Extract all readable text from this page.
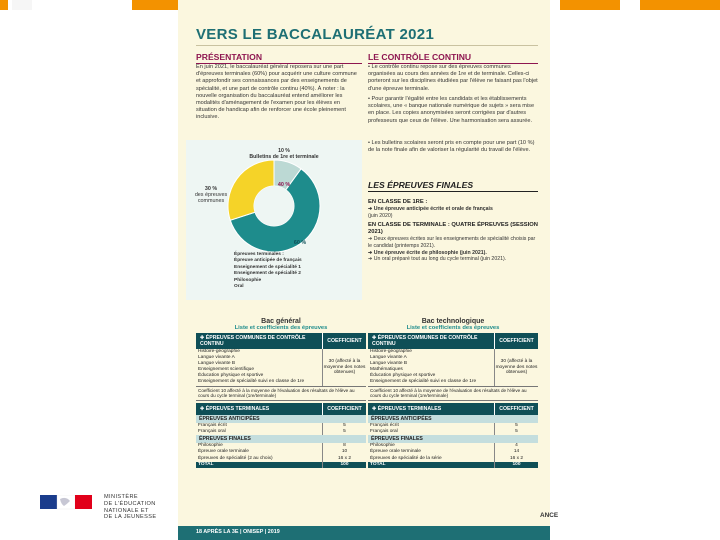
VERS LE BACCALAURÉAT 2021
PRÉSENTATION
En juin 2021, le baccalauréat général reposera sur une part d'épreuves terminales (60%) pour acquérir une culture commune et approfondir ses connaissances par des enseignements de spécialité, et une part de contrôle continu (40%). À noter : la nouvelle organisation du baccalauréat entend améliorer les modalités d'aménagement de l'examen pour les élèves en situation de handicap afin de renforcer une école pleinement inclusive.
LE CONTRÔLE CONTINU
• Le contrôle continu repose sur des épreuves communes organisées au cours des années de 1re et de terminale. Celles-ci porteront sur les disciplines étudiées par l'élève ne faisant pas l'objet d'une épreuve terminale.
• Pour garantir l'égalité entre les candidats et les établissements scolaires, une « banque nationale numérique de sujets » sera mise en place. Les copies anonymisées seront corrigées par d'autres professeurs que ceux de l'élève. Une harmonisation sera assurée.
• Les bulletins scolaires seront pris en compte pour une part (10 %) de la note finale afin de valoriser la régularité du travail de l'élève.
10 %
Bulletins de 1re et terminale
30 %
des épreuves communes
40 %
60 %
Épreuves terminales :
Épreuve anticipée de français
Enseignement de spécialité 1
Enseignement de spécialité 2
Philosophie
Oral
LES ÉPREUVES FINALES
EN CLASSE DE 1RE :
➔ Une épreuve anticipée écrite et orale de français
(juin 2020)
EN CLASSE DE TERMINALE : QUATRE ÉPREUVES (SESSION 2021)
➔ Deux épreuves écrites sur les enseignements de spécialité choisis par le candidat (printemps 2021).
➔ Une épreuve écrite de philosophie (juin 2021).
➔ Un oral préparé tout au long du cycle terminal (juin 2021).
Bac général
Liste et coefficients des épreuves
✚ ÉPREUVES COMMUNES DE CONTRÔLE CONTINU	COEFFICIENT
Histoire-géographie
Langue vivante A
Langue vivante B
Enseignement scientifique
Éducation physique et sportive
Enseignement de spécialité suivi en classe de 1re
30 (affecté à la moyenne des notes obtenues)
Coefficient 10 affecté à la moyenne de l'évaluation des résultats de l'élève au cours du cycle terminal (1re/terminale)
✚ ÉPREUVES TERMINALES	COEFFICIENT
ÉPREUVES ANTICIPÉES
Français écrit	5
Français oral	5
ÉPREUVES FINALES
Philosophie	8
Épreuve orale terminale	10
Épreuves de spécialité (2 au choix)	16 x 2
TOTAL	100
Bac technologique
Liste et coefficients des épreuves
✚ ÉPREUVES COMMUNES DE CONTRÔLE CONTINU	COEFFICIENT
Histoire-géographie
Langue vivante A
Langue vivante B
Mathématiques
Éducation physique et sportive
Enseignement de spécialité suivi en classe de 1re
30 (affecté à la moyenne des notes obtenues)
Coefficient 10 affecté à la moyenne de l'évaluation des résultats de l'élève au cours du cycle terminal (1re/terminale)
✚ ÉPREUVES TERMINALES	COEFFICIENT
ÉPREUVES ANTICIPÉES
Français écrit	5
Français oral	5
ÉPREUVES FINALES
Philosophie	4
Épreuve orale terminale	14
Épreuves de spécialité de la série	16 x 2
TOTAL	100
18 APRÈS LA 3E | ONISEP | 2019
MINISTÈRE
DE L'ÉDUCATION
NATIONALE ET
DE LA JEUNESSE	ANCE
